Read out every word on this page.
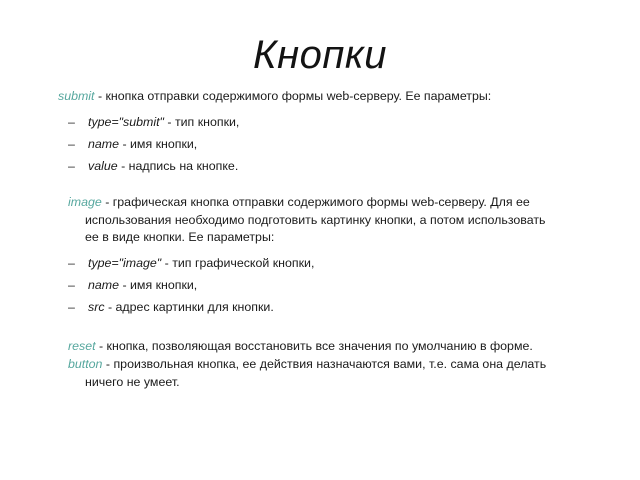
Кнопки

submit - кнопка отправки содержимого формы web-серверу. Ее параметры:

– type="submit" - тип кнопки,

– name - имя кнопки,

– value - надпись на кнопке.

image - графическая кнопка отправки содержимого формы web-серверу. Для ее использования необходимо подготовить картинку кнопки, а потом использовать ее в виде кнопки. Ее параметры:

– type="image" - тип графической кнопки,

– name - имя кнопки,

– src - адрес картинки для кнопки.

reset - кнопка, позволяющая восстановить все значения по умолчанию в форме.

button - произвольная кнопка, ее действия назначаются вами, т.е. сама она делать ничего не умеет.
